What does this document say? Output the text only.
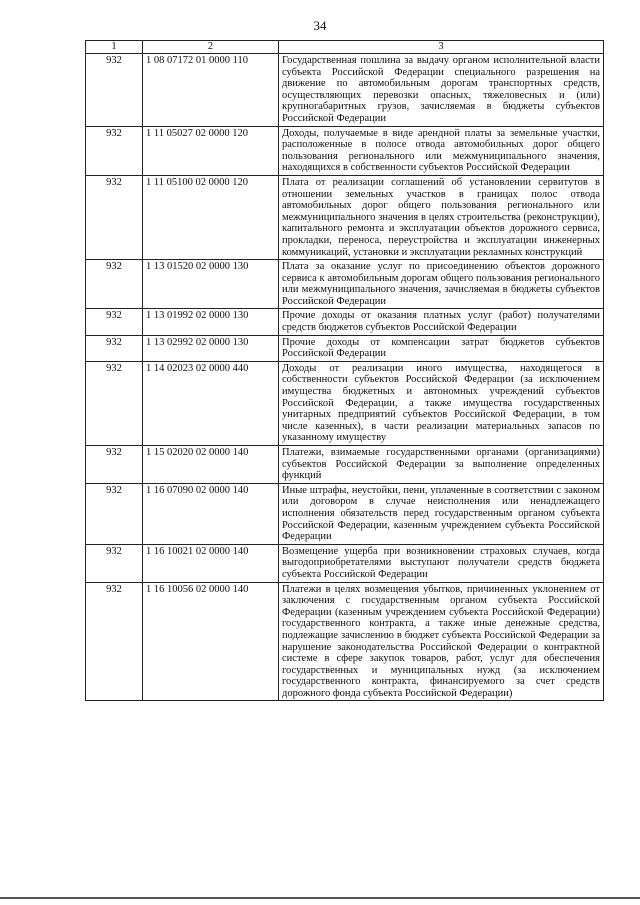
34
1	2	3
932	1 08 07172 01 0000 110	Государственная пошлина за выдачу органом исполнительной власти субъекта Российской Федерации специального разрешения на движение по автомобильным дорогам транспортных средств, осуществляющих перевозки опасных, тяжеловесных и (или) крупногабаритных грузов, зачисляемая в бюджеты субъектов Российской Федерации
932	1 11 05027 02 0000 120	Доходы, получаемые в виде арендной платы за земельные участки, расположенные в полосе отвода автомобильных дорог общего пользования регионального или межмуниципального значения, находящихся в собственности субъектов Российской Федерации
932	1 11 05100 02 0000 120	Плата от реализации соглашений об установлении сервитутов в отношении земельных участков в границах полос отвода автомобильных дорог общего пользования регионального или межмуниципального значения в целях строительства (реконструкции), капитального ремонта и эксплуатации объектов дорожного сервиса, прокладки, переноса, переустройства и эксплуатации инженерных коммуникаций, установки и эксплуатации рекламных конструкций
932	1 13 01520 02 0000 130	Плата за оказание услуг по присоединению объектов дорожного сервиса к автомобильным дорогам общего пользования регионального или межмуниципального значения, зачисляемая в бюджеты субъектов Российской Федерации
932	1 13 01992 02 0000 130	Прочие доходы от оказания платных услуг (работ) получателями средств бюджетов субъектов Российской Федерации
932	1 13 02992 02 0000 130	Прочие доходы от компенсации затрат бюджетов субъектов Российской Федерации
932	1 14 02023 02 0000 440	Доходы от реализации иного имущества, находящегося в собственности субъектов Российской Федерации (за исключением имущества бюджетных и автономных учреждений субъектов Российской Федерации, а также имущества государственных унитарных предприятий субъектов Российской Федерации, в том числе казенных), в части реализации материальных запасов по указанному имуществу
932	1 15 02020 02 0000 140	Платежи, взимаемые государственными органами (организациями) субъектов Российской Федерации за выполнение определенных функций
932	1 16 07090 02 0000 140	Иные штрафы, неустойки, пени, уплаченные в соответствии с законом или договором в случае неисполнения или ненадлежащего исполнения обязательств перед государственным органом субъекта Российской Федерации, казенным учреждением субъекта Российской Федерации
932	1 16 10021 02 0000 140	Возмещение ущерба при возникновении страховых случаев, когда выгодоприобретателями выступают получатели средств бюджета субъекта Российской Федерации
932	1 16 10056 02 0000 140	Платежи в целях возмещения убытков, причиненных уклонением от заключения с государственным органом субъекта Российской Федерации (казенным учреждением субъекта Российской Федерации) государственного контракта, а также иные денежные средства, подлежащие зачислению в бюджет субъекта Российской Федерации за нарушение законодательства Российской Федерации о контрактной системе в сфере закупок товаров, работ, услуг для обеспечения государственных и муниципальных нужд (за исключением государственного контракта, финансируемого за счет средств дорожного фонда субъекта Российской Федерации)
